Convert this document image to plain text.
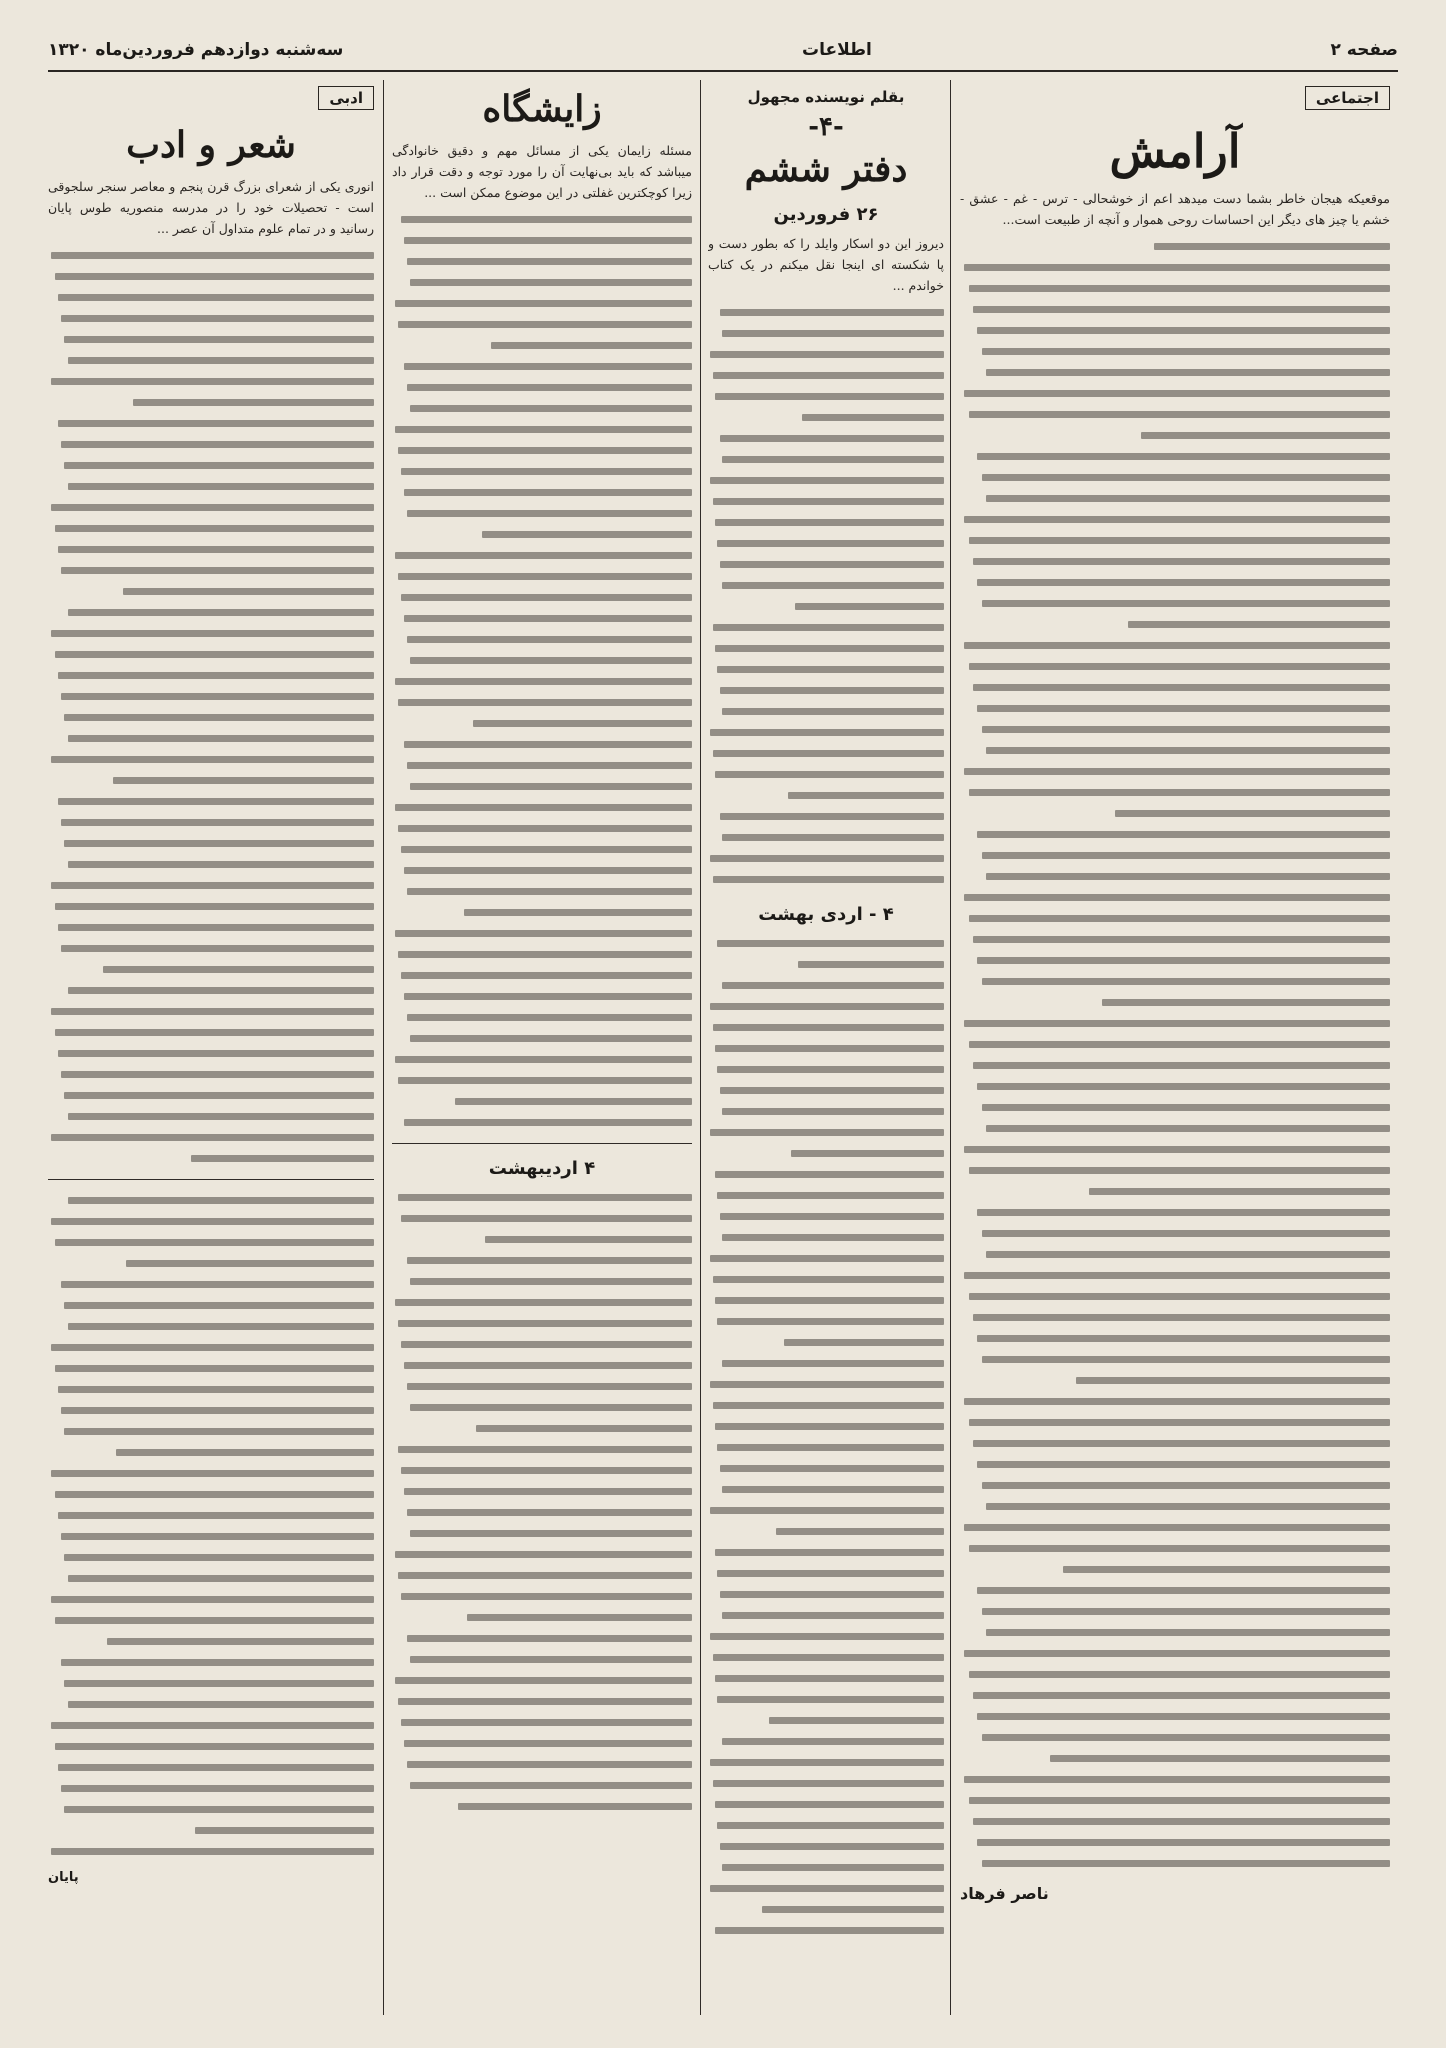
صفحه ۲
اطلاعات
سه‌شنبه دوازدهم فروردین‌ماه ۱۳۲۰
اجتماعی
آرامش

موقعیکه هیجان خاطر بشما دست میدهد اعم از خوشحالی - ترس - غم - عشق - خشم یا چیز های دیگر این احساسات روحی هموار و آنچه از طبیعت است...

ناصر فرهاد
بقلم نویسنده مجهول
-۴-
دفتر ششم
۲۶ فروردین

دیروز این دو اسکار وایلد را که بطور دست و پا شکسته ای اینجا نقل میکنم در یک کتاب خواندم ...

۴ - اردی بهشت
زایشگاه

مسئله زایمان یکی از مسائل مهم و دقیق خانوادگی میباشد که باید بی‌نهایت آن را مورد توجه و دقت قرار داد زیرا کوچکترین غفلتی در این موضوع ممکن است ...

۴ اردیبهشت
ادبی
شعر و ادب

انوری یکی از شعرای بزرگ قرن پنجم و معاصر سنجر سلجوقی است - تحصیلات خود را در مدرسه منصوریه طوس پایان رسانید و در تمام علوم متداول آن عصر ...

پایان
